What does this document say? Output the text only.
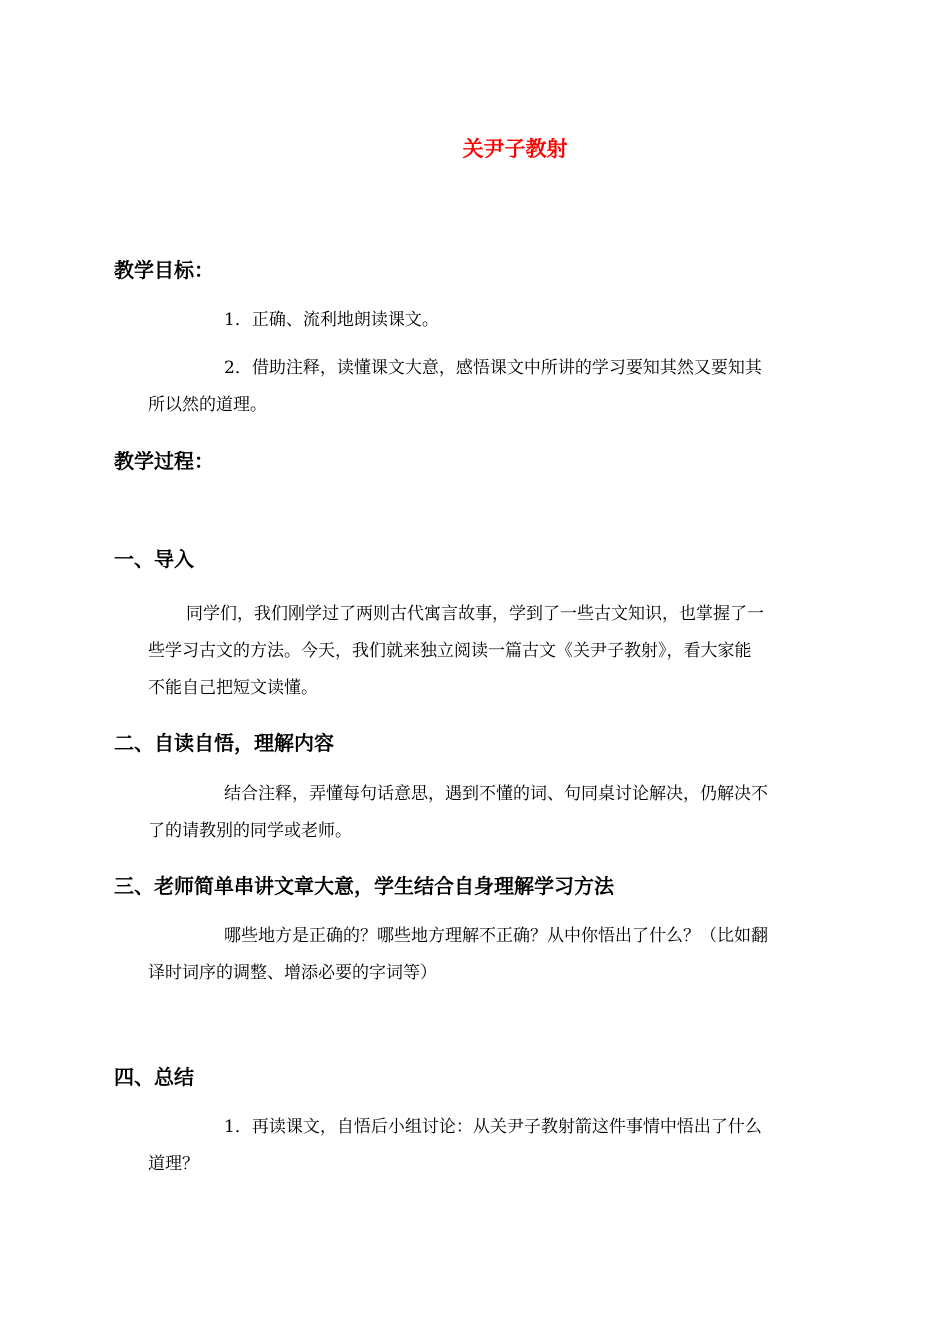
关尹子教射
教学目标：
1．正确、流利地朗读课文。
2．借助注释，读懂课文大意，感悟课文中所讲的学习要知其然又要知其
所以然的道理。
教学过程：
一、导入
同学们，我们刚学过了两则古代寓言故事，学到了一些古文知识，也掌握了一
些学习古文的方法。今天，我们就来独立阅读一篇古文《关尹子教射》，看大家能
不能自己把短文读懂。
二、自读自悟，理解内容
结合注释，弄懂每句话意思，遇到不懂的词、句同桌讨论解决，仍解决不
了的请教别的同学或老师。
三、老师简单串讲文章大意，学生结合自身理解学习方法
哪些地方是正确的？哪些地方理解不正确？从中你悟出了什么？（比如翻
译时词序的调整、增添必要的字词等）
四、总结
1．再读课文，自悟后小组讨论：从关尹子教射箭这件事情中悟出了什么
道理？
